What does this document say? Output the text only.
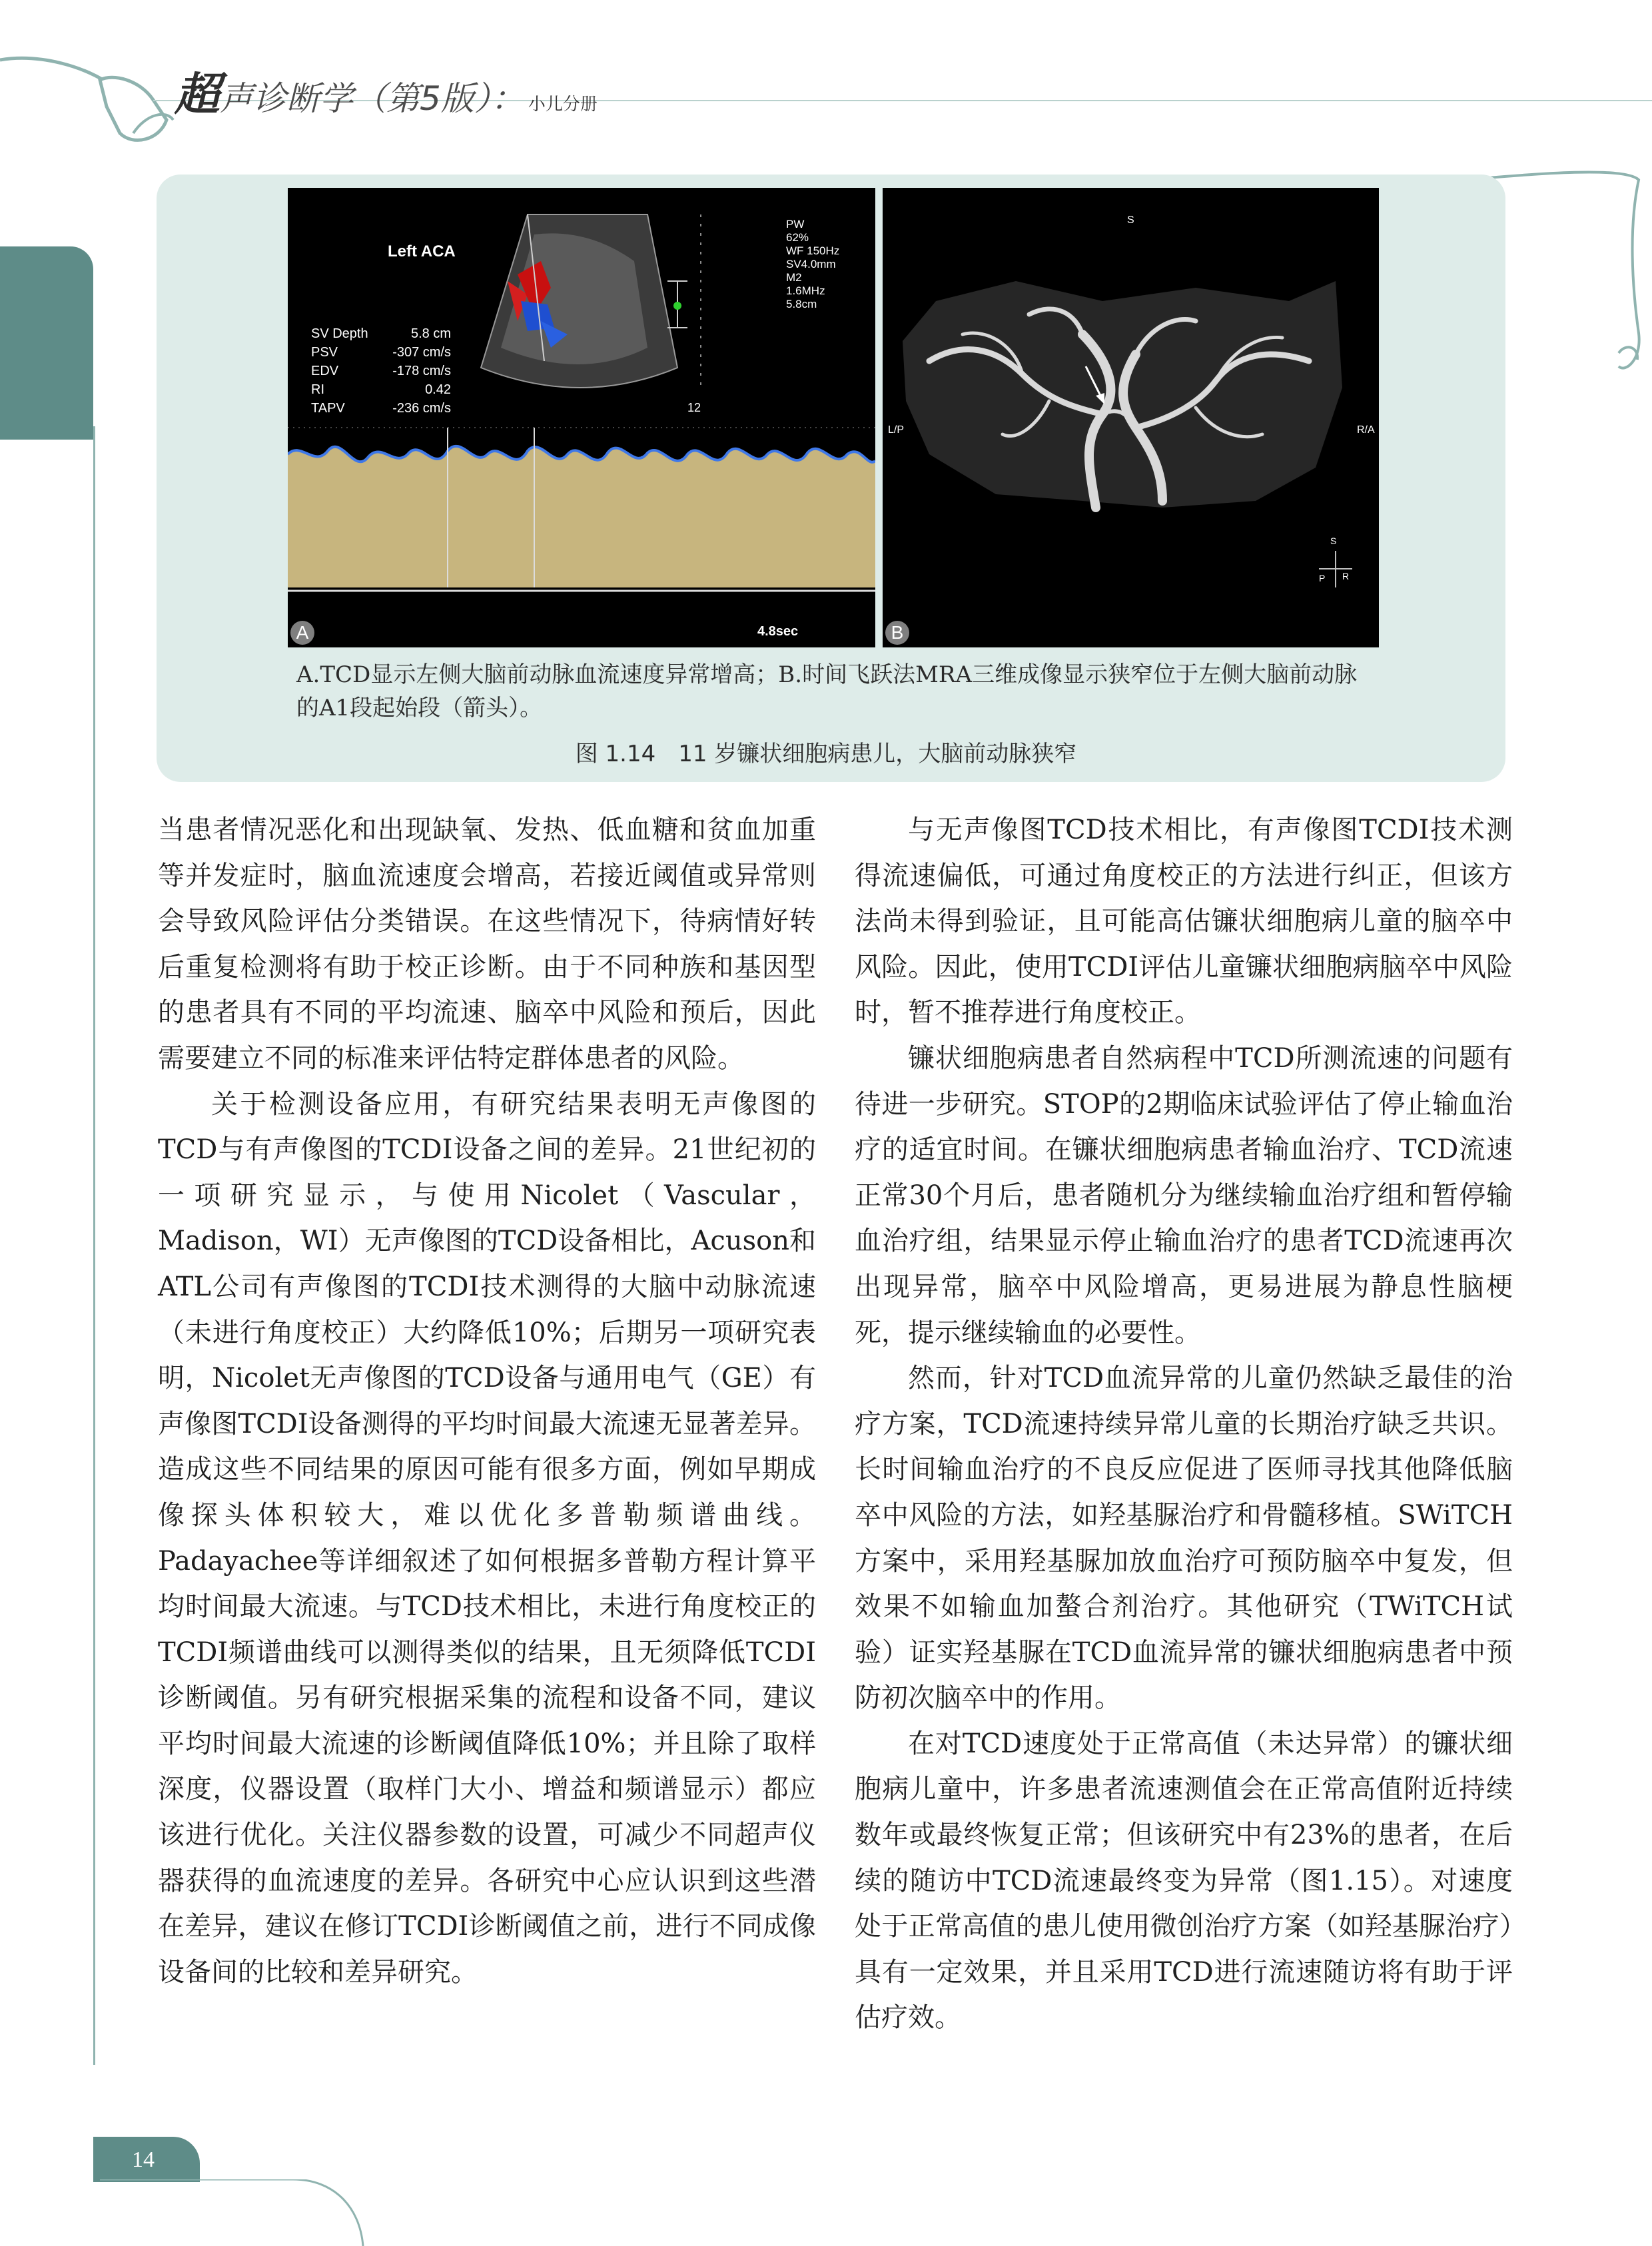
超声诊断学（第5版）： 小儿分册
Left ACA
PW
62%
WF 150Hz
SV4.0mm
M2
1.6MHz
5.8cm
SV Depth	5.8 cm
PSV	-307 cm/s
EDV	-178 cm/s
RI	0.42
TAPV	-236 cm/s	12
4.8sec
A
S
L/P	R/A
S
P R
B
A.TCD显示左侧大脑前动脉血流速度异常增高；B.时间飞跃法MRA三维成像显示狭窄位于左侧大脑前动脉的A1段起始段（箭头）。
图 1.14　11 岁镰状细胞病患儿，大脑前动脉狭窄

当患者情况恶化和出现缺氧、发热、低血糖和贫血加重等并发症时，脑血流速度会增高，若接近阈值或异常则会导致风险评估分类错误。在这些情况下，待病情好转后重复检测将有助于校正诊断。由于不同种族和基因型的患者具有不同的平均流速、脑卒中风险和预后，因此需要建立不同的标准来评估特定群体患者的风险。

关于检测设备应用，有研究结果表明无声像图的TCD与有声像图的TCDI设备之间的差异。21世纪初的一项研究显示，与使用Nicolet（Vascular，Madison，WI）无声像图的TCD设备相比，Acuson和ATL公司有声像图的TCDI技术测得的大脑中动脉流速（未进行角度校正）大约降低10%；后期另一项研究表明，Nicolet无声像图的TCD设备与通用电气（GE）有声像图TCDI设备测得的平均时间最大流速无显著差异。造成这些不同结果的原因可能有很多方面，例如早期成像探头体积较大，难以优化多普勒频谱曲线。Padayachee等详细叙述了如何根据多普勒方程计算平均时间最大流速。与TCD技术相比，未进行角度校正的TCDI频谱曲线可以测得类似的结果，且无须降低TCDI诊断阈值。另有研究根据采集的流程和设备不同，建议平均时间最大流速的诊断阈值降低10%；并且除了取样深度，仪器设置（取样门大小、增益和频谱显示）都应该进行优化。关注仪器参数的设置，可减少不同超声仪器获得的血流速度的差异。各研究中心应认识到这些潜在差异，建议在修订TCDI诊断阈值之前，进行不同成像设备间的比较和差异研究。

与无声像图TCD技术相比，有声像图TCDI技术测得流速偏低，可通过角度校正的方法进行纠正，但该方法尚未得到验证，且可能高估镰状细胞病儿童的脑卒中风险。因此，使用TCDI评估儿童镰状细胞病脑卒中风险时，暂不推荐进行角度校正。

镰状细胞病患者自然病程中TCD所测流速的问题有待进一步研究。STOP的2期临床试验评估了停止输血治疗的适宜时间。在镰状细胞病患者输血治疗、TCD流速正常30个月后，患者随机分为继续输血治疗组和暂停输血治疗组，结果显示停止输血治疗的患者TCD流速再次出现异常，脑卒中风险增高，更易进展为静息性脑梗死，提示继续输血的必要性。

然而，针对TCD血流异常的儿童仍然缺乏最佳的治疗方案，TCD流速持续异常儿童的长期治疗缺乏共识。长时间输血治疗的不良反应促进了医师寻找其他降低脑卒中风险的方法，如羟基脲治疗和骨髓移植。SWiTCH方案中，采用羟基脲加放血治疗可预防脑卒中复发，但效果不如输血加螯合剂治疗。其他研究（TWiTCH试验）证实羟基脲在TCD血流异常的镰状细胞病患者中预防初次脑卒中的作用。

在对TCD速度处于正常高值（未达异常）的镰状细胞病儿童中，许多患者流速测值会在正常高值附近持续数年或最终恢复正常；但该研究中有23%的患者，在后续的随访中TCD流速最终变为异常（图1.15）。对速度处于正常高值的患儿使用微创治疗方案（如羟基脲治疗）具有一定效果，并且采用TCD进行流速随访将有助于评估疗效。

14
